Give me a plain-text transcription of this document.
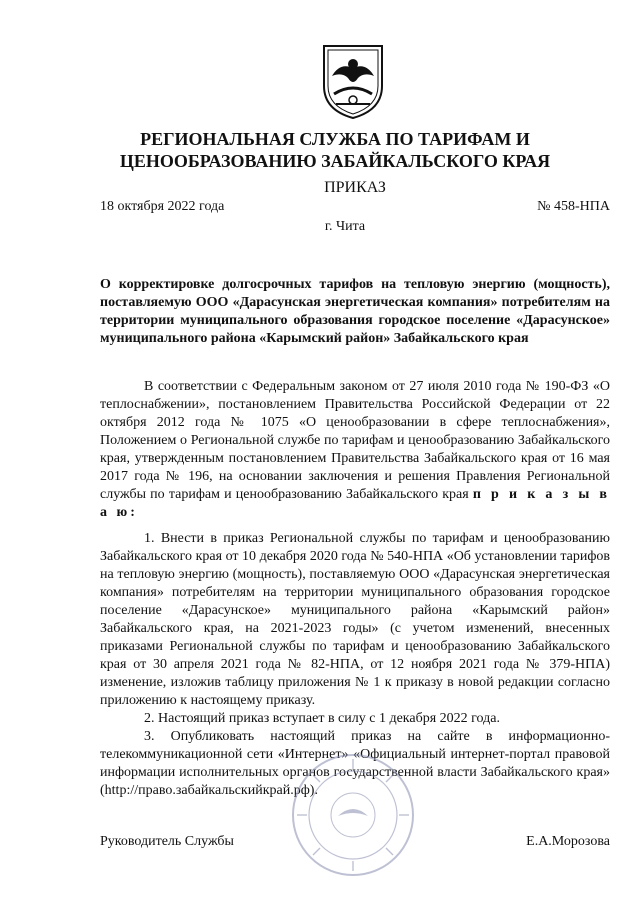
РЕГИОНАЛЬНАЯ СЛУЖБА ПО ТАРИФАМ И
ЦЕНООБРАЗОВАНИЮ ЗАБАЙКАЛЬСКОГО КРАЯ
ПРИКАЗ
18 октября 2022 года	№ 458-НПА
г. Чита
О корректировке долгосрочных тарифов на тепловую энергию (мощность), поставляемую ООО «Дарасунская энергетическая компания» потребителям на территории муниципального образования городское поселение «Дарасунское» муниципального района «Карымский район» Забайкальского края
В соответствии с Федеральным законом от 27 июля 2010 года № 190-ФЗ «О теплоснабжении», постановлением Правительства Российской Федерации от 22 октября 2012 года № 1075 «О ценообразовании в сфере теплоснабжения», Положением о Региональной службе по тарифам и ценообразованию Забайкальского края, утвержденным постановлением Правительства Забайкальского края от 16 мая 2017 года № 196, на основании заключения и решения Правления Региональной службы по тарифам и ценообразованию Забайкальского края п р и к а з ы в а ю:

1. Внести в приказ Региональной службы по тарифам и ценообразованию Забайкальского края от 10 декабря 2020 года № 540-НПА «Об установлении тарифов на тепловую энергию (мощность), поставляемую ООО «Дарасунская энергетическая компания» потребителям на территории муниципального образования городское поселение «Дарасунское» муниципального района «Карымский район» Забайкальского края, на 2021-2023 годы» (с учетом изменений, внесенных приказами Региональной службы по тарифам и ценообразованию Забайкальского края от 30 апреля 2021 года № 82-НПА, от 12 ноября 2021 года № 379-НПА) изменение, изложив таблицу приложения № 1 к приказу в новой редакции согласно приложению к настоящему приказу.

2. Настоящий приказ вступает в силу с 1 декабря 2022 года.

3. Опубликовать настоящий приказ на сайте в информационно-телекоммуникационной сети «Интернет» «Официальный интернет-портал правовой информации исполнительных органов государственной власти Забайкальского края» (http://право.забайкальскийкрай.рф).

Руководитель Службы	Е.А.Морозова
